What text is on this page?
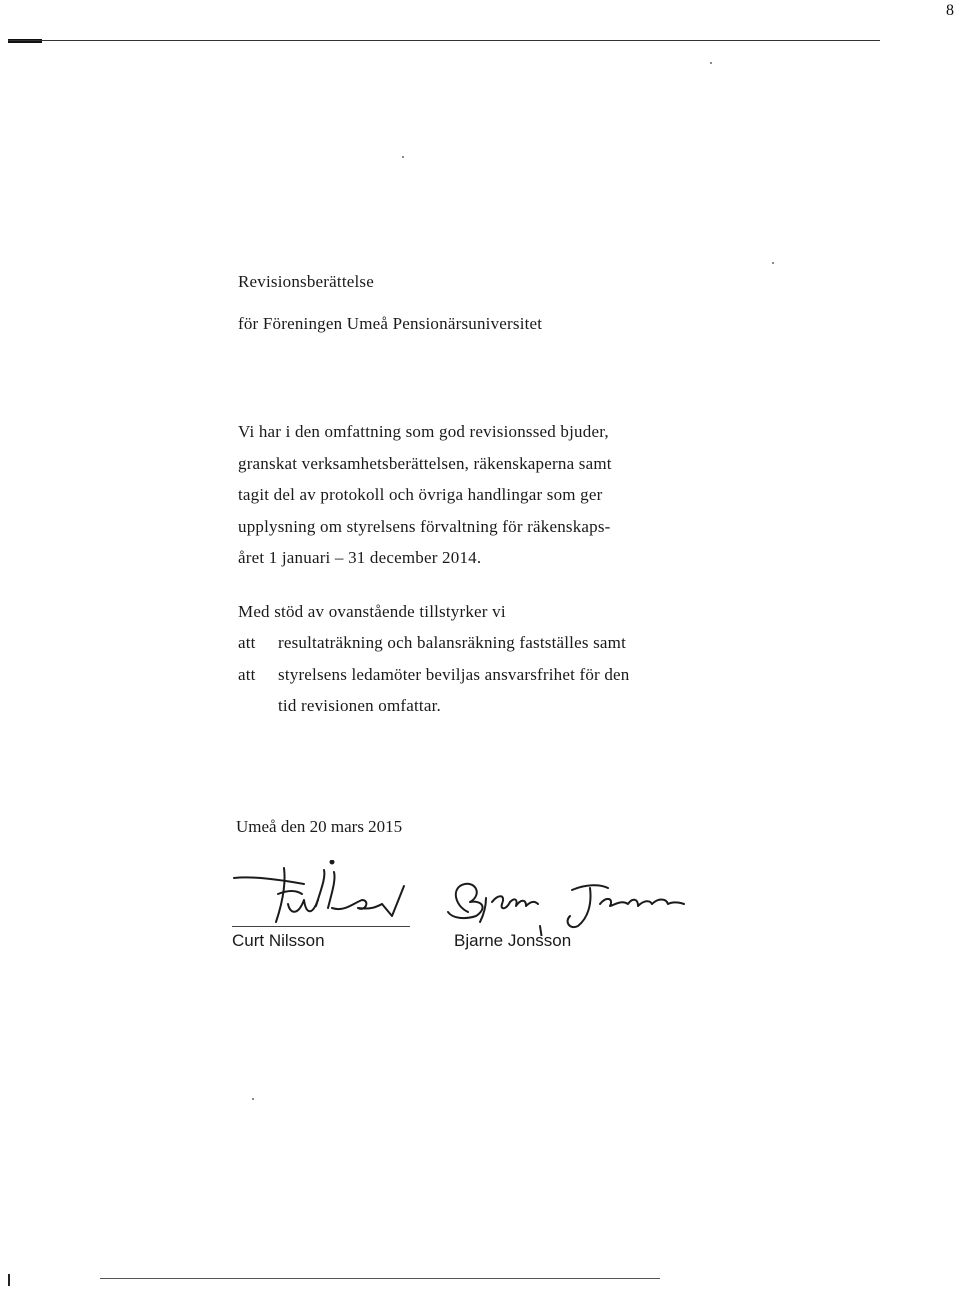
8
Revisionsberättelse

för Föreningen Umeå Pensionärsuniversitet

Vi har i den omfattning som god revisionssed bjuder,
granskat verksamhetsberättelsen, räkenskaperna samt
tagit del av protokoll och övriga handlingar som ger
upplysning om styrelsens förvaltning för räkenskaps-
året 1 januari – 31 december 2014.

Med stöd av ovanstående tillstyrker vi
att	resultaträkning och balansräkning fastställes samt
att	styrelsens ledamöter beviljas ansvarsfrihet för den
tid revisionen omfattar.
Umeå den 20 mars 2015
Curt Nilsson	Bjarne Jonsson
